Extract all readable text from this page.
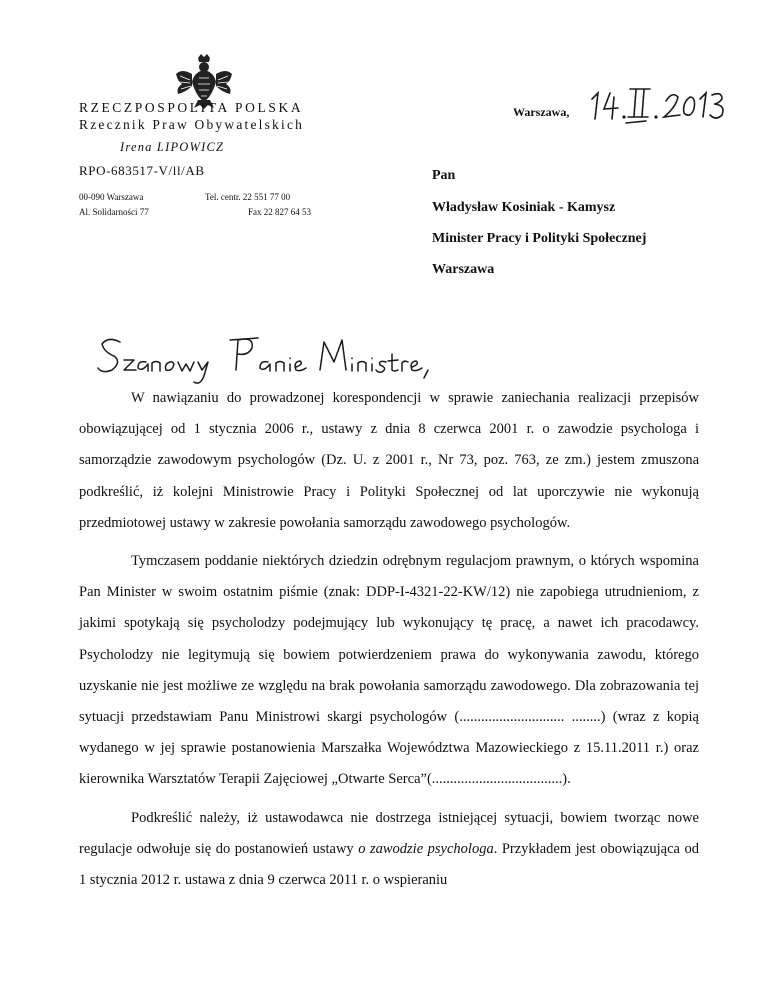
RZECZPOSPOLITA POLSKA
Rzecznik Praw Obywatelskich
Irena LIPOWICZ
RPO-683517-V/ll/AB
00-090 Warszawa
Al. Solidarności 77
Tel. centr. 22 551 77 00
Fax 22 827 64 53
Warszawa,
Pan
Władysław Kosiniak - Kamysz
Minister Pracy i Polityki Społecznej
Warszawa

W nawiązaniu do prowadzonej korespondencji w sprawie zaniechania realizacji przepisów obowiązującej od 1 stycznia 2006 r., ustawy z dnia 8 czerwca 2001 r. o zawodzie psychologa i samorządzie zawodowym psychologów (Dz. U. z 2001 r., Nr 73, poz. 763, ze zm.) jestem zmuszona podkreślić, iż kolejni Ministrowie Pracy i Polityki Społecznej od lat uporczywie nie wykonują przedmiotowej ustawy w zakresie powołania samorządu zawodowego psychologów.

Tymczasem poddanie niektórych dziedzin odrębnym regulacjom prawnym, o których wspomina Pan Minister w swoim ostatnim piśmie (znak: DDP-I-4321-22-KW/12) nie zapobiega utrudnieniom, z jakimi spotykają się psycholodzy podejmujący lub wykonujący tę pracę, a nawet ich pracodawcy. Psycholodzy nie legitymują się bowiem potwierdzeniem prawa do wykonywania zawodu, którego uzyskanie nie jest możliwe ze względu na brak powołania samorządu zawodowego. Dla zobrazowania tej sytuacji przedstawiam Panu Ministrowi skargi psychologów (............................. ........) (wraz z kopią wydanego w jej sprawie postanowienia Marszałka Województwa Mazowieckiego z 15.11.2011 r.) oraz kierownika Warsztatów Terapii Zajęciowej „Otwarte Serca”(....................................).

Podkreślić należy, iż ustawodawca nie dostrzega istniejącej sytuacji, bowiem tworząc nowe regulacje odwołuje się do postanowień ustawy o zawodzie psychologa. Przykładem jest obowiązująca od 1 stycznia 2012 r. ustawa z dnia 9 czerwca 2011 r. o wspieraniu
